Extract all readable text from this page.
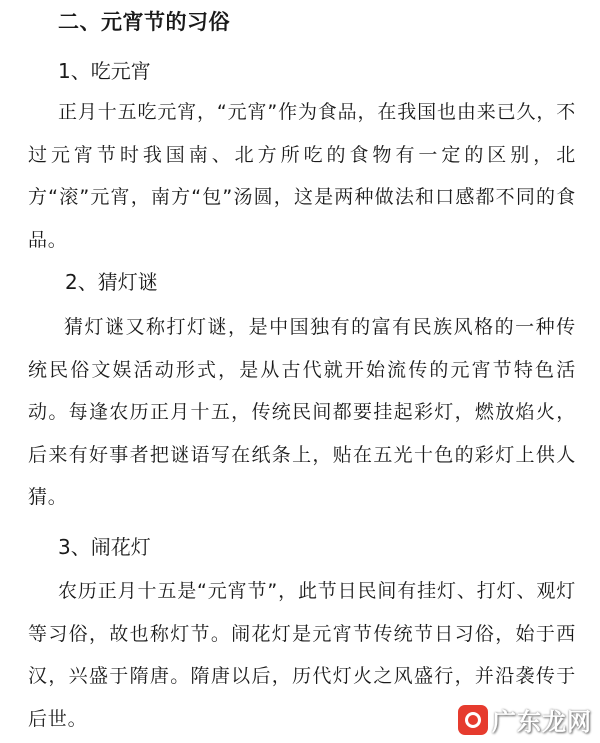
二、元宵节的习俗
1、吃元宵

正月十五吃元宵，“元宵”作为食品，在我国也由来已久，不过元宵节时我国南、北方所吃的食物有一定的区别，北方“滚”元宵，南方“包”汤圆，这是两种做法和口感都不同的食品。

2、猜灯谜

猜灯谜又称打灯谜，是中国独有的富有民族风格的一种传统民俗文娱活动形式，是从古代就开始流传的元宵节特色活动。每逢农历正月十五，传统民间都要挂起彩灯，燃放焰火，后来有好事者把谜语写在纸条上，贴在五光十色的彩灯上供人猜。

3、闹花灯

农历正月十五是“元宵节”，此节日民间有挂灯、打灯、观灯等习俗，故也称灯节。闹花灯是元宵节传统节日习俗，始于西汉，兴盛于隋唐。隋唐以后，历代灯火之风盛行，并沿袭传于后世。	广东龙网
